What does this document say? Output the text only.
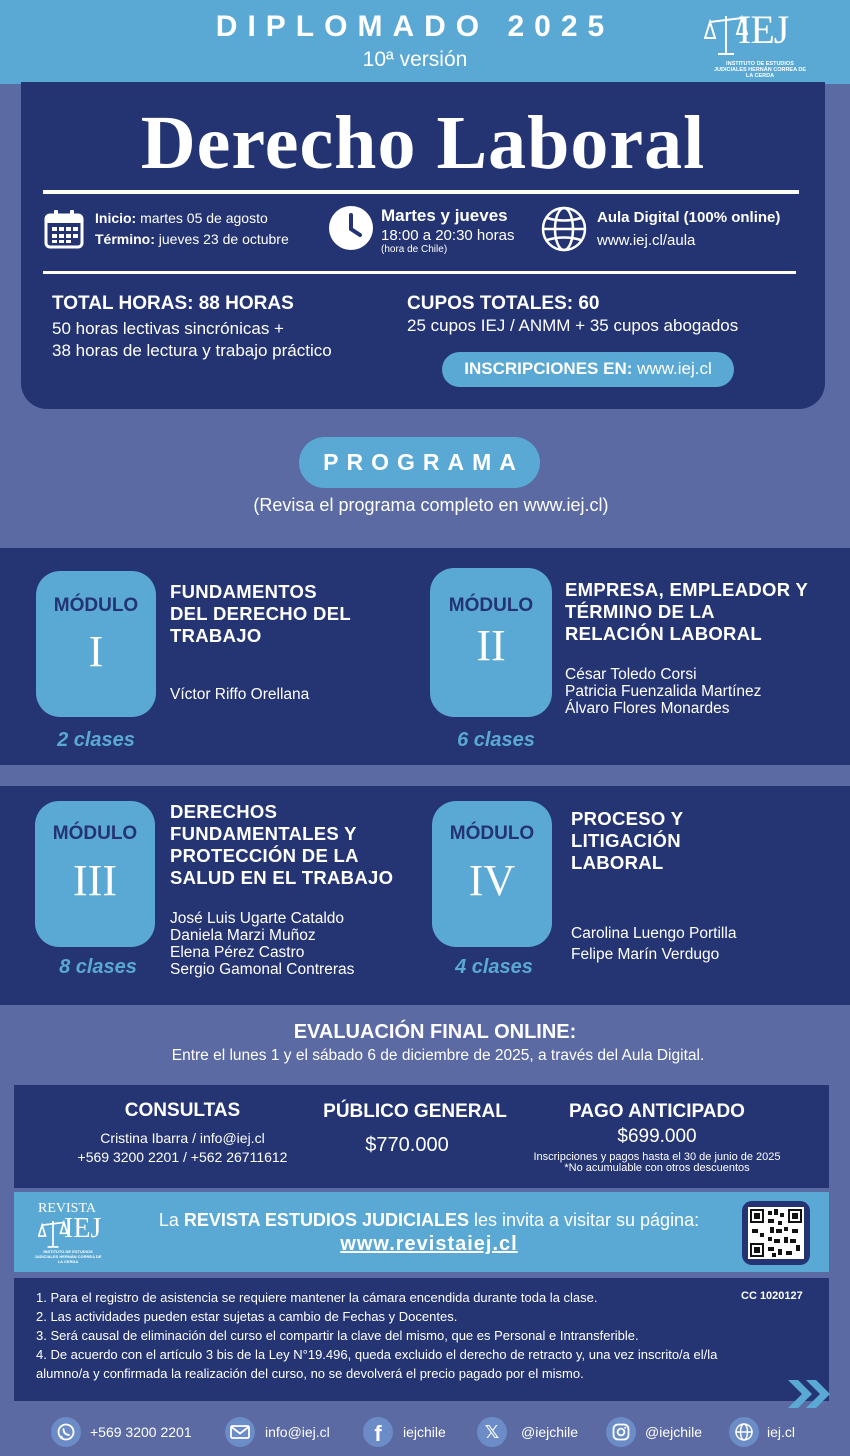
DIPLOMADO 2025
10ª versión
IEJ
INSTITUTO DE ESTUDIOS JUDICIALES HERNÁN CORREA DE LA CERDA
Derecho Laboral
Inicio: martes 05 de agosto
Término: jueves 23 de octubre
Martes y jueves
18:00 a 20:30 horas
(hora de Chile)
Aula Digital (100% online)
www.iej.cl/aula
TOTAL HORAS: 88 HORAS
50 horas lectivas sincrónicas +
38 horas de lectura y trabajo práctico
CUPOS TOTALES: 60
25 cupos IEJ / ANMM + 35 cupos abogados
INSCRIPCIONES EN: www.iej.cl
PROGRAMA
(Revisa el programa completo en www.iej.cl)
MÓDULO
I
FUNDAMENTOS
DEL DERECHO DEL
TRABAJO
Víctor Riffo Orellana
2 clases
MÓDULO
II
EMPRESA, EMPLEADOR Y
TÉRMINO DE LA
RELACIÓN LABORAL
César Toledo Corsi
Patricia Fuenzalida Martínez
Álvaro Flores Monardes
6 clases
MÓDULO
III
DERECHOS
FUNDAMENTALES Y
PROTECCIÓN DE LA
SALUD EN EL TRABAJO
José Luis Ugarte Cataldo
Daniela Marzi Muñoz
Elena Pérez Castro
Sergio Gamonal Contreras
8 clases
MÓDULO
IV
PROCESO Y
LITIGACIÓN
LABORAL
Carolina Luengo Portilla
Felipe Marín Verdugo
4 clases
EVALUACIÓN FINAL ONLINE:
Entre el lunes 1 y el sábado 6 de diciembre de 2025, a través del Aula Digital.
CONSULTAS
Cristina Ibarra / info@iej.cl
+569 3200 2201 / +562 26711612
PÚBLICO GENERAL
$770.000
PAGO ANTICIPADO
$699.000
Inscripciones y pagos hasta el 30 de junio de 2025
*No acumulable con otros descuentos
REVISTA
IEJ
INSTITUTO DE ESTUDIOS JUDICIALES HERNÁN CORREA DE LA CERDA
La REVISTA ESTUDIOS JUDICIALES les invita a visitar su página:
www.revistaiej.cl
CC 1020127
1. Para el registro de asistencia se requiere mantener la cámara encendida durante toda la clase.
2. Las actividades pueden estar sujetas a cambio de Fechas y Docentes.
3. Será causal de eliminación del curso el compartir la clave del mismo, que es Personal e Intransferible.
4. De acuerdo con el artículo 3 bis de la Ley N°19.496, queda excluido el derecho de retracto y, una vez inscrito/a el/la
alumno/a y confirmada la realización del curso, no se devolverá el precio pagado por el mismo.
+569 3200 2201	info@iej.cl f iejchile 𝕏 @iejchile	@iejchile	iej.cl
